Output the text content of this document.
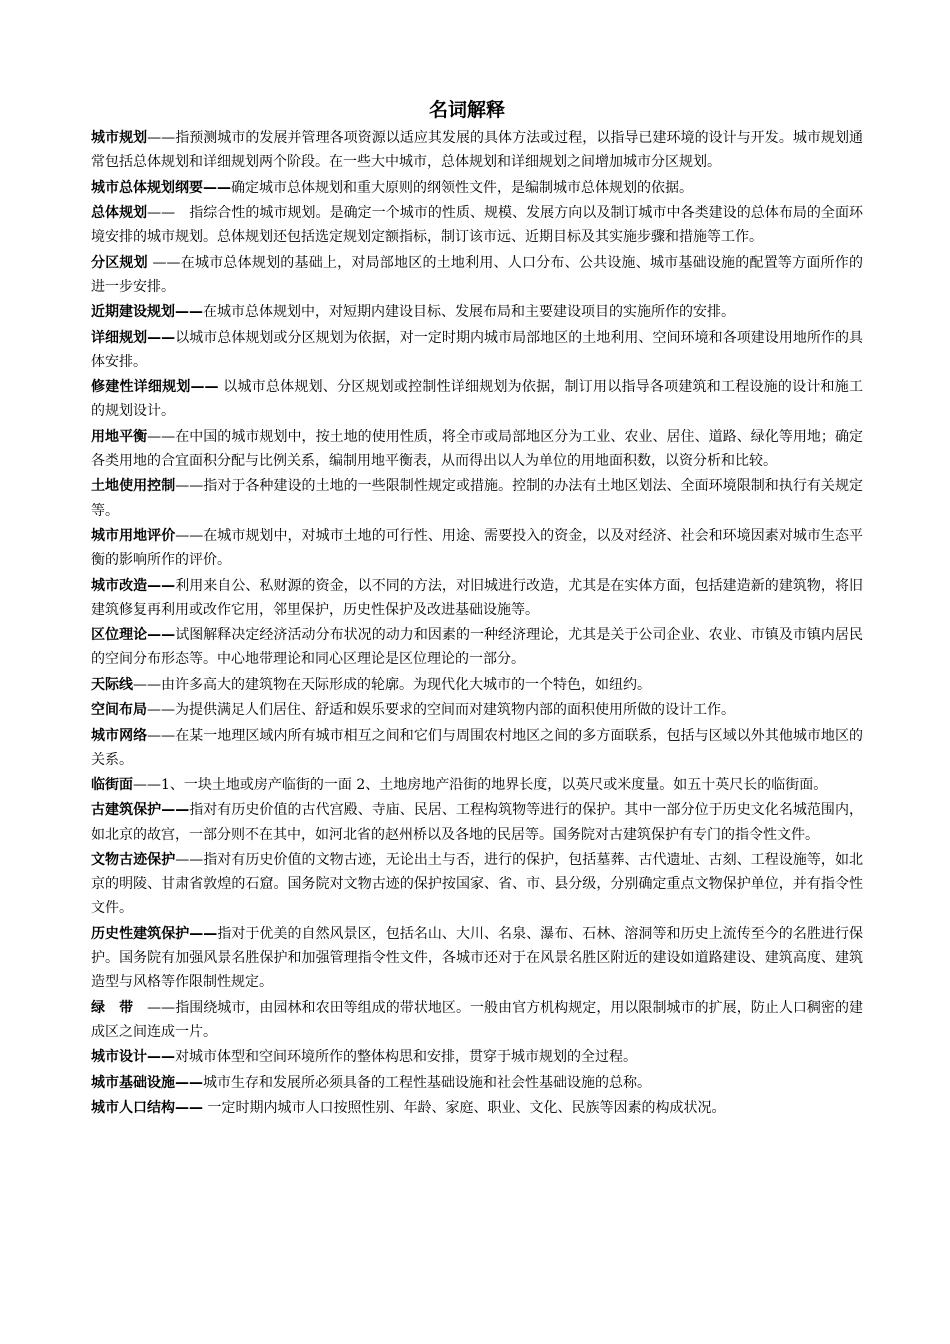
名词解释

城市规划——指预测城市的发展并管理各项资源以适应其发展的具体方法或过程，以指导已建环境的设计与开发。城市规划通常包括总体规划和详细规划两个阶段。在一些大中城市，总体规划和详细规划之间增加城市分区规划。

城市总体规划纲要——确定城市总体规划和重大原则的纲领性文件，是编制城市总体规划的依据。

总体规划——　指综合性的城市规划。是确定一个城市的性质、规模、发展方向以及制订城市中各类建设的总体布局的全面环境安排的城市规划。总体规划还包括选定规划定额指标，制订该市远、近期目标及其实施步骤和措施等工作。

分区规划 ——在城市总体规划的基础上，对局部地区的土地利用、人口分布、公共设施、城市基础设施的配置等方面所作的进一步安排。

近期建设规划——在城市总体规划中，对短期内建设目标、发展布局和主要建设项目的实施所作的安排。

详细规划——以城市总体规划或分区规划为依据，对一定时期内城市局部地区的土地利用、空间环境和各项建设用地所作的具体安排。

修建性详细规划—— 以城市总体规划、分区规划或控制性详细规划为依据，制订用以指导各项建筑和工程设施的设计和施工的规划设计。

用地平衡——在中国的城市规划中，按土地的使用性质，将全市或局部地区分为工业、农业、居住、道路、绿化等用地；确定各类用地的合宜面积分配与比例关系，编制用地平衡表，从而得出以人为单位的用地面积数，以资分析和比较。

土地使用控制——指对于各种建设的土地的一些限制性规定或措施。控制的办法有土地区划法、全面环境限制和执行有关规定等。

城市用地评价——在城市规划中，对城市土地的可行性、用途、需要投入的资金，以及对经济、社会和环境因素对城市生态平衡的影响所作的评价。

城市改造——利用来自公、私财源的资金，以不同的方法，对旧城进行改造，尤其是在实体方面，包括建造新的建筑物，将旧建筑修复再利用或改作它用，邻里保护，历史性保护及改进基础设施等。

区位理论——试图解释决定经济活动分布状况的动力和因素的一种经济理论，尤其是关于公司企业、农业、市镇及市镇内居民的空间分布形态等。中心地带理论和同心区理论是区位理论的一部分。

天际线——由许多高大的建筑物在天际形成的轮廓。为现代化大城市的一个特色，如纽约。

空间布局——为提供满足人们居住、舒适和娱乐要求的空间而对建筑物内部的面积使用所做的设计工作。

城市网络——在某一地理区域内所有城市相互之间和它们与周围农村地区之间的多方面联系，包括与区域以外其他城市地区的关系。

临街面——1、一块土地或房产临街的一面 2、土地房地产沿街的地界长度，以英尺或米度量。如五十英尺长的临街面。

古建筑保护——指对有历史价值的古代宫殿、寺庙、民居、工程构筑物等进行的保护。其中一部分位于历史文化名城范围内，如北京的故宫，一部分则不在其中，如河北省的赵州桥以及各地的民居等。国务院对古建筑保护有专门的指令性文件。

文物古迹保护——指对有历史价值的文物古迹，无论出土与否，进行的保护，包括墓葬、古代遗址、古刻、工程设施等，如北京的明陵、甘肃省敦煌的石窟。国务院对文物古迹的保护按国家、省、市、县分级，分别确定重点文物保护单位，并有指令性文件。

历史性建筑保护——指对于优美的自然风景区，包括名山、大川、名泉、瀑布、石林、溶洞等和历史上流传至今的名胜进行保护。国务院有加强风景名胜保护和加强管理指令性文件，各城市还对于在风景名胜区附近的建设如道路建设、建筑高度、建筑造型与风格等作限制性规定。

绿　带　——指围绕城市，由园林和农田等组成的带状地区。一般由官方机构规定，用以限制城市的扩展，防止人口稠密的建成区之间连成一片。

城市设计——对城市体型和空间环境所作的整体构思和安排，贯穿于城市规划的全过程。

城市基础设施——城市生存和发展所必须具备的工程性基础设施和社会性基础设施的总称。

城市人口结构—— 一定时期内城市人口按照性别、年龄、家庭、职业、文化、民族等因素的构成状况。
